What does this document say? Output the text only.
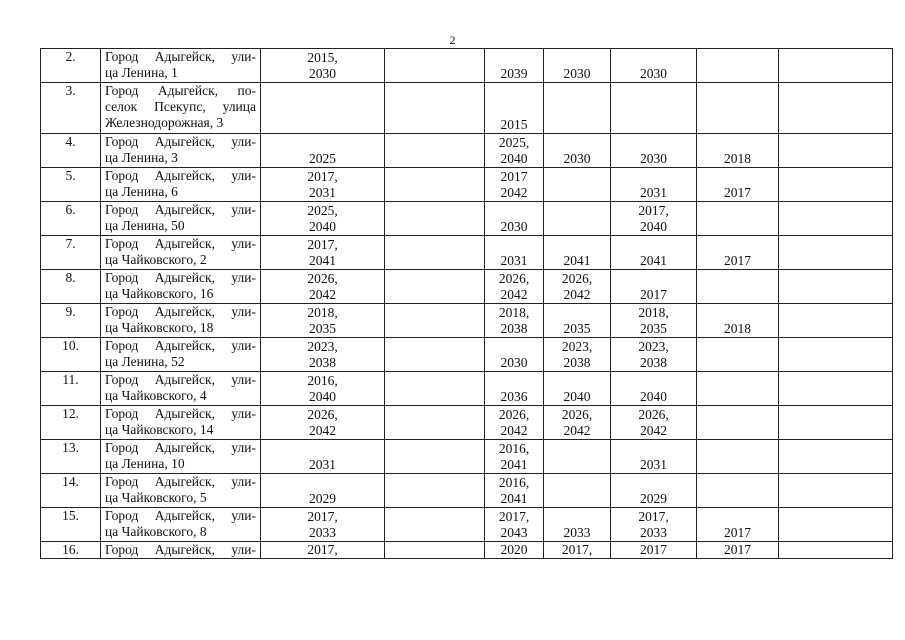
2
2.	Город Адыгейск, ули-
ца Ленина, 1	2015,
2030		2039	2030	2030		

3.	Город Адыгейск, по-
селок Псекупс, улица
Железнодорожная, 3			2015				

4.	Город Адыгейск, ули-
ца Ленина, 3	2025		2025,
2040	2030	2030	2018	

5.	Город Адыгейск, ули-
ца Ленина, 6	2017,
2031		2017
2042		2031	2017	

6.	Город Адыгейск, ули-
ца Ленина, 50	2025,
2040		2030		2017,
2040		

7.	Город Адыгейск, ули-
ца Чайковского, 2	2017,
2041		2031	2041	2041	2017	

8.	Город Адыгейск, ули-
ца Чайковского, 16	2026,
2042		2026,
2042	2026,
2042	2017		

9.	Город Адыгейск, ули-
ца Чайковского, 18	2018,
2035		2018,
2038	2035	2018,
2035	2018	

10.	Город Адыгейск, ули-
ца Ленина, 52	2023,
2038		2030	2023,
2038	2023,
2038		

11.	Город Адыгейск, ули-
ца Чайковского, 4	2016,
2040		2036	2040	2040		

12.	Город Адыгейск, ули-
ца Чайковского, 14	2026,
2042		2026,
2042	2026,
2042	2026,
2042		

13.	Город Адыгейск, ули-
ца Ленина, 10	2031		2016,
2041		2031		

14.	Город Адыгейск, ули-
ца Чайковского, 5	2029		2016,
2041		2029		

15.	Город Адыгейск, ули-
ца Чайковского, 8	2017,
2033		2017,
2043	2033	2017,
2033	2017	

16.	Город Адыгейск, ули-	2017,		2020	2017,	2017	2017	
